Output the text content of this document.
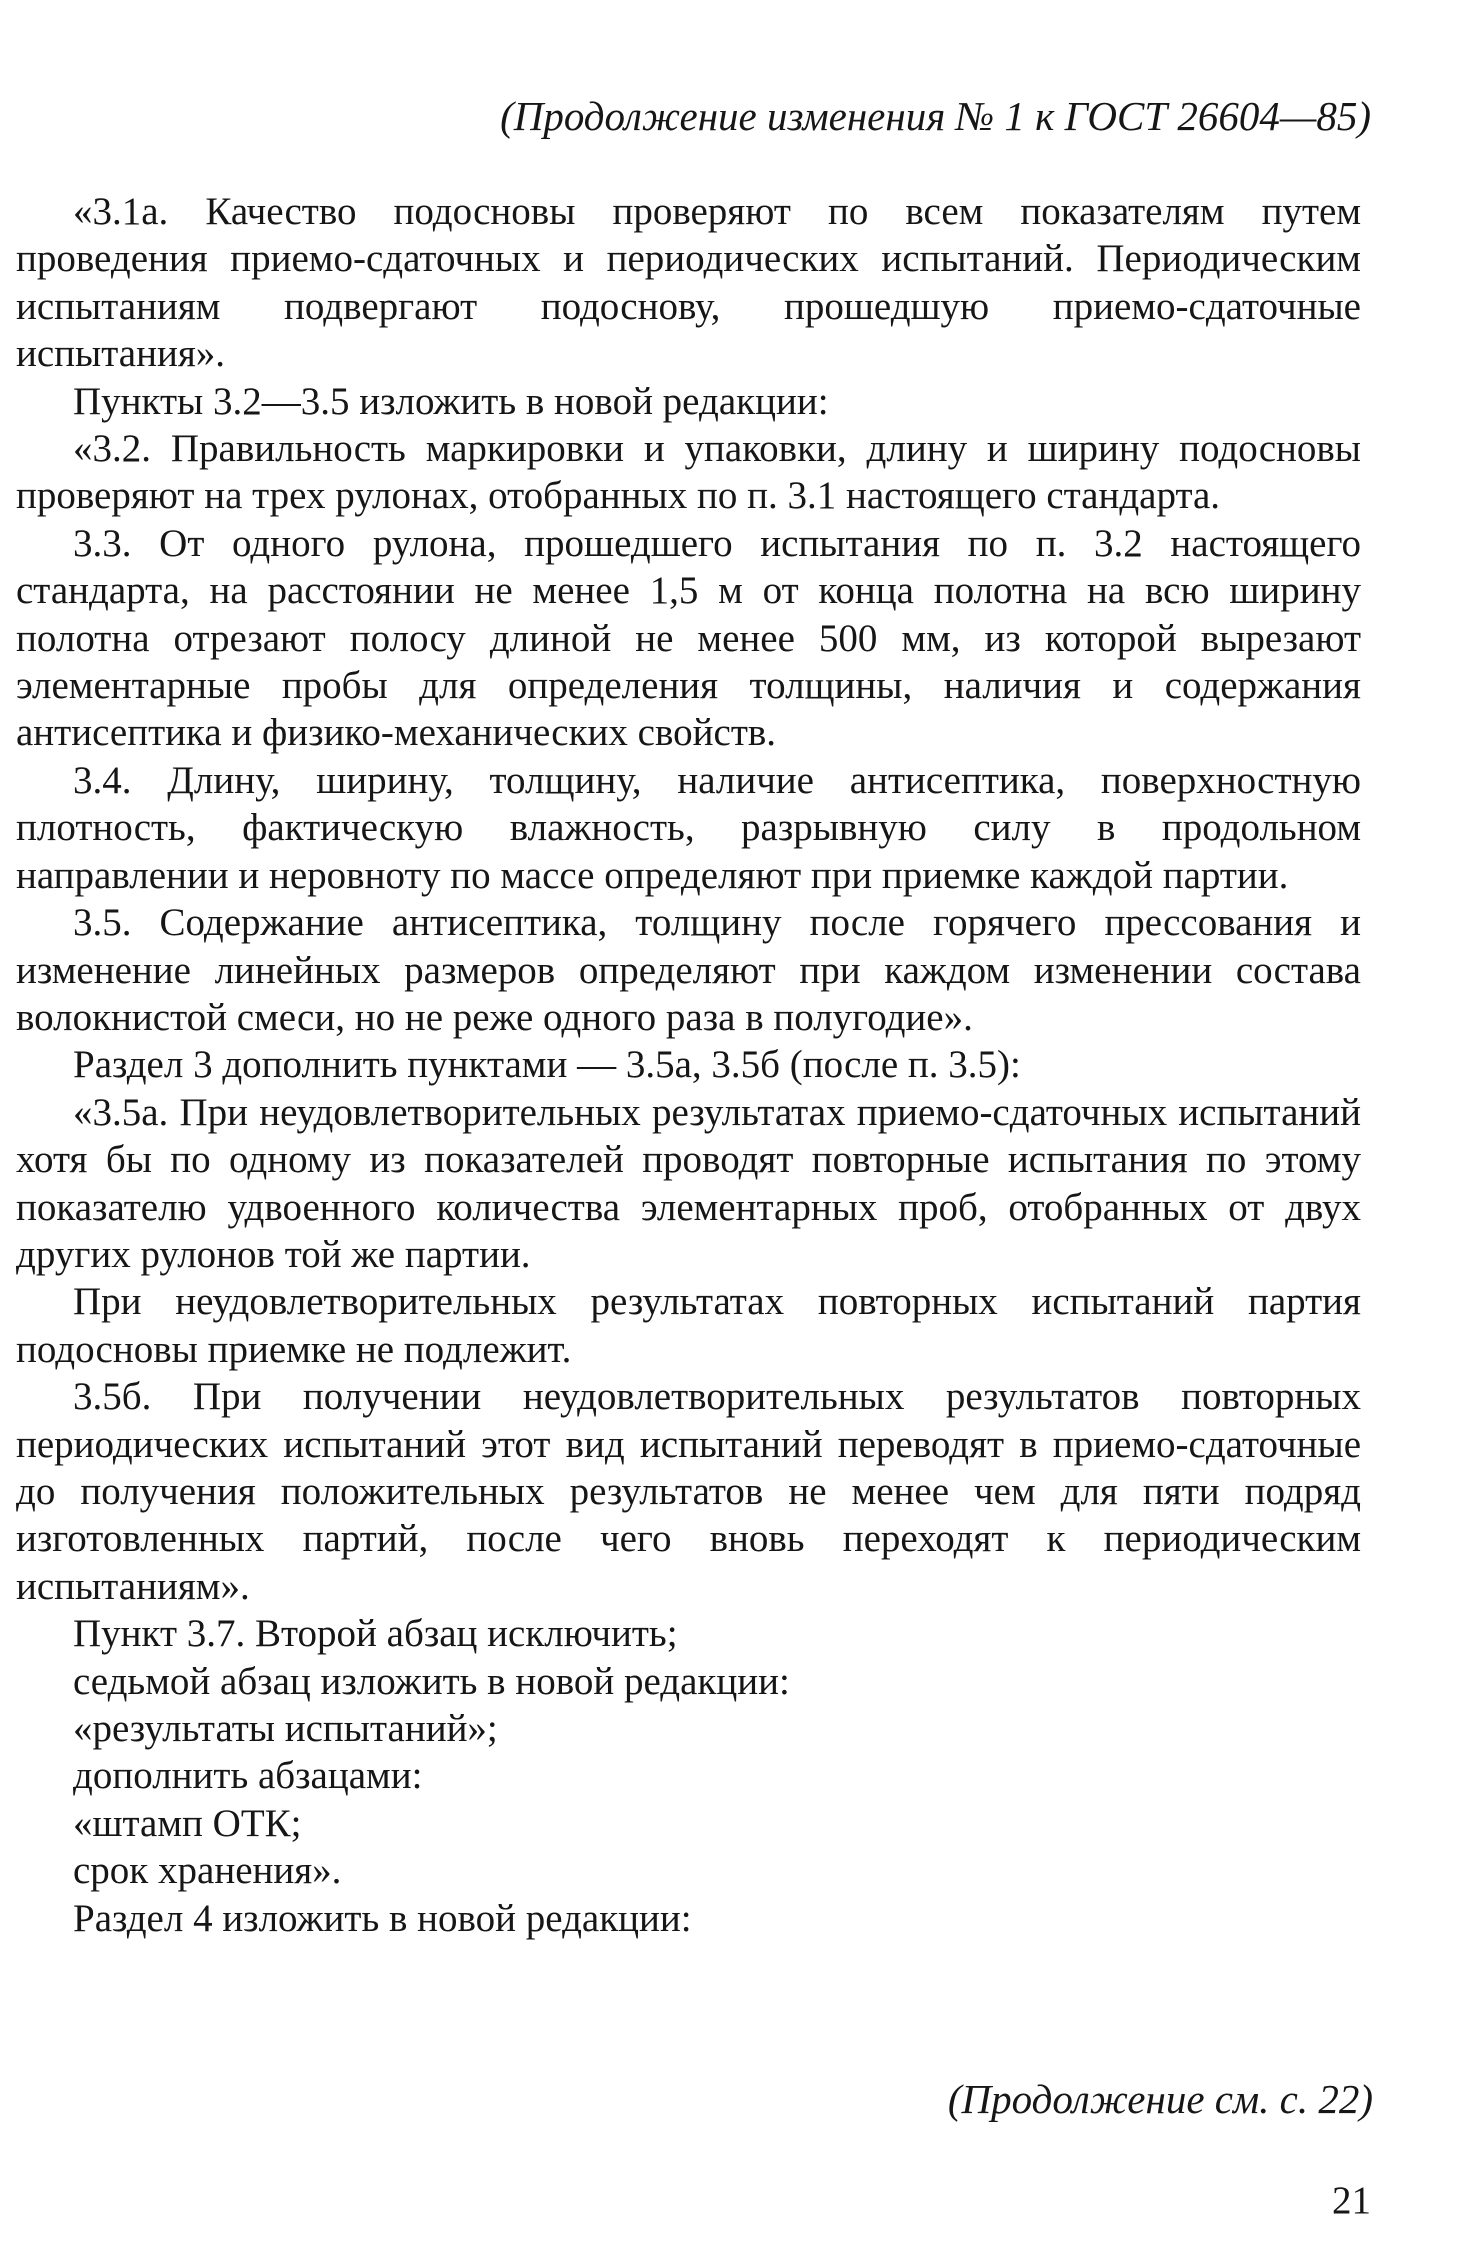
(Продолжение изменения № 1 к ГОСТ 26604—85)

«3.1а. Качество подосновы проверяют по всем показателям путем проведения приемо-сдаточных и периодических испытаний. Периодическим испытаниям подвергают подоснову, прошедшую приемо-сдаточные испытания».

Пункты 3.2—3.5 изложить в новой редакции:

«3.2. Правильность маркировки и упаковки, длину и ширину подосновы проверяют на трех рулонах, отобранных по п. 3.1 настоящего стандарта.

3.3. От одного рулона, прошедшего испытания по п. 3.2 настоящего стандарта, на расстоянии не менее 1,5 м от конца полотна на всю ширину полотна отрезают полосу длиной не менее 500 мм, из которой вырезают элементарные пробы для определения толщины, наличия и содержания антисептика и физико-механических свойств.

3.4. Длину, ширину, толщину, наличие антисептика, поверхностную плотность, фактическую влажность, разрывную силу в продольном направлении и неровноту по массе определяют при приемке каждой партии.

3.5. Содержание антисептика, толщину после горячего прессования и изменение линейных размеров определяют при каждом изменении состава волокнистой смеси, но не реже одного раза в полугодие».

Раздел 3 дополнить пунктами — 3.5а, 3.5б (после п. 3.5):

«3.5а. При неудовлетворительных результатах приемо-сдаточных испытаний хотя бы по одному из показателей проводят повторные испытания по этому показателю удвоенного количества элементарных проб, отобранных от двух других рулонов той же партии.

При неудовлетворительных результатах повторных испытаний партия подосновы приемке не подлежит.

3.5б. При получении неудовлетворительных результатов повторных периодических испытаний этот вид испытаний переводят в приемо-сдаточные до получения положительных результатов не менее чем для пяти подряд изготовленных партий, после чего вновь переходят к периодическим испытаниям».

Пункт 3.7. Второй абзац исключить;

седьмой абзац изложить в новой редакции:

«результаты испытаний»;

дополнить абзацами:

«штамп ОТК;

срок хранения».

Раздел 4 изложить в новой редакции:

(Продолжение см. с. 22)
21
